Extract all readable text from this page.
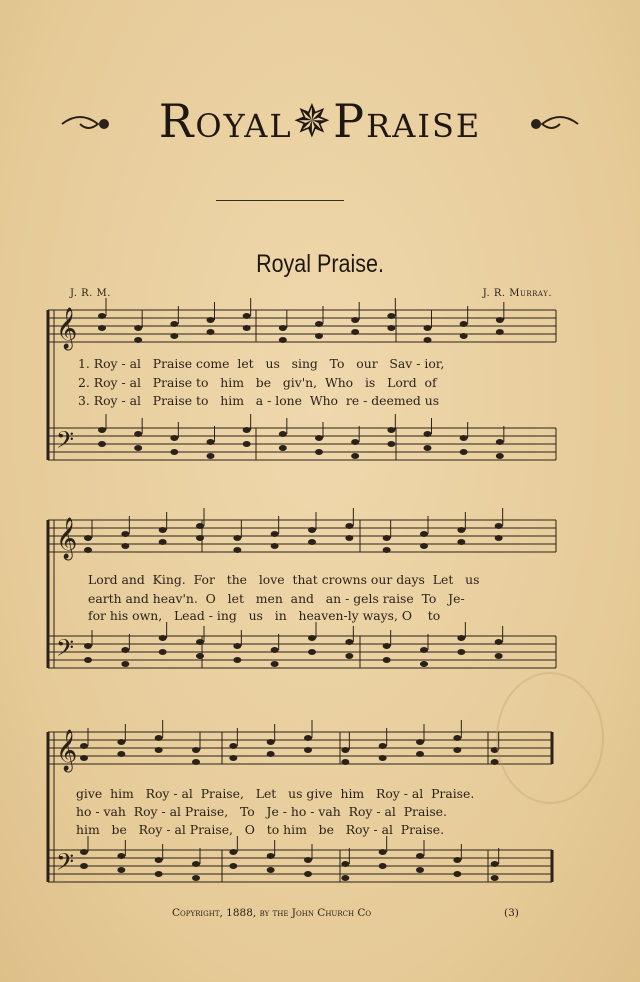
Royal✵Praise
Royal Praise.
J. R. M.	J. R. Murray.
𝄞
𝄢
𝄞
𝄢
𝄞
𝄢
1. Roy - al   Praise come  let   us   sing   To   our   Sav - ior,
2. Roy - al   Praise to   him   be   giv'n,  Who   is   Lord  of
3. Roy - al   Praise to   him   a - lone  Who  re - deemed us
Lord and  King.  For   the   love  that crowns our days  Let   us
earth and heav'n.  O   let   men  and   an - gels raise  To   Je-
for his own,   Lead - ing   us   in   heaven-ly ways, O    to
give  him   Roy - al  Praise,   Let   us give  him   Roy - al  Praise.
ho - vah  Roy - al Praise,   To   Je - ho - vah  Roy - al  Praise.
him   be   Roy - al Praise,   O   to him   be   Roy - al  Praise.
Copyright, 1888, by the John Church Co	(3)
